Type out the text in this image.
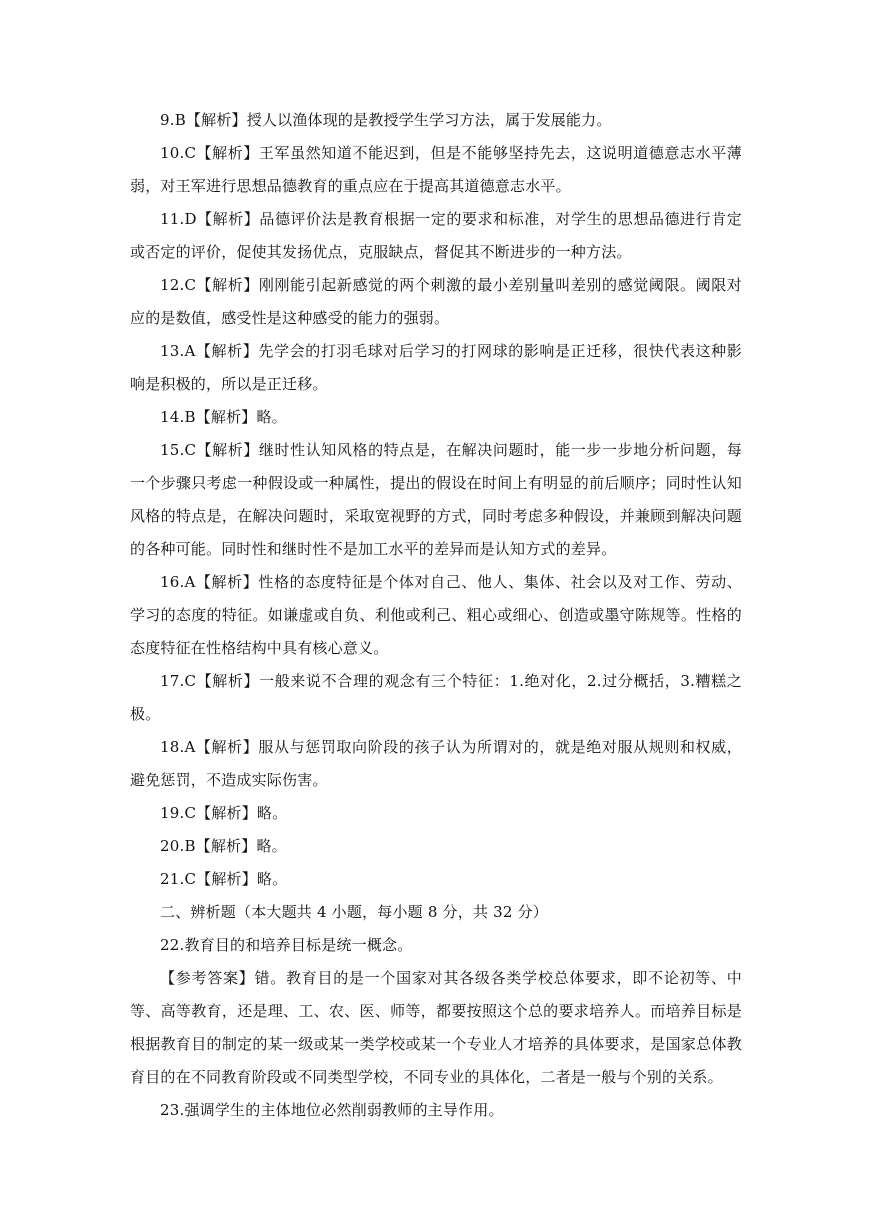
9.B【解析】授人以渔体现的是教授学生学习方法，属于发展能力。

10.C【解析】王军虽然知道不能迟到，但是不能够坚持先去，这说明道德意志水平薄弱，对王军进行思想品德教育的重点应在于提高其道德意志水平。

11.D【解析】品德评价法是教育根据一定的要求和标准，对学生的思想品德进行肯定或否定的评价，促使其发扬优点，克服缺点，督促其不断进步的一种方法。

12.C【解析】刚刚能引起新感觉的两个刺激的最小差别量叫差别的感觉阈限。阈限对应的是数值，感受性是这种感受的能力的强弱。

13.A【解析】先学会的打羽毛球对后学习的打网球的影响是正迁移，很快代表这种影响是积极的，所以是正迁移。

14.B【解析】略。

15.C【解析】继时性认知风格的特点是，在解决问题时，能一步一步地分析问题，每一个步骤只考虑一种假设或一种属性，提出的假设在时间上有明显的前后顺序；同时性认知风格的特点是，在解决问题时，采取宽视野的方式，同时考虑多种假设，并兼顾到解决问题的各种可能。同时性和继时性不是加工水平的差异而是认知方式的差异。

16.A【解析】性格的态度特征是个体对自己、他人、集体、社会以及对工作、劳动、学习的态度的特征。如谦虚或自负、利他或利己、粗心或细心、创造或墨守陈规等。性格的态度特征在性格结构中具有核心意义。

17.C【解析】一般来说不合理的观念有三个特征：1.绝对化，2.过分概括，3.糟糕之极。

18.A【解析】服从与惩罚取向阶段的孩子认为所谓对的，就是绝对服从规则和权威，避免惩罚，不造成实际伤害。

19.C【解析】略。

20.B【解析】略。

21.C【解析】略。

二、辨析题（本大题共 4 小题，每小题 8 分，共 32 分）

22.教育目的和培养目标是统一概念。

【参考答案】错。教育目的是一个国家对其各级各类学校总体要求，即不论初等、中等、高等教育，还是理、工、农、医、师等，都要按照这个总的要求培养人。而培养目标是根据教育目的制定的某一级或某一类学校或某一个专业人才培养的具体要求，是国家总体教育目的在不同教育阶段或不同类型学校，不同专业的具体化，二者是一般与个别的关系。

23.强调学生的主体地位必然削弱教师的主导作用。
